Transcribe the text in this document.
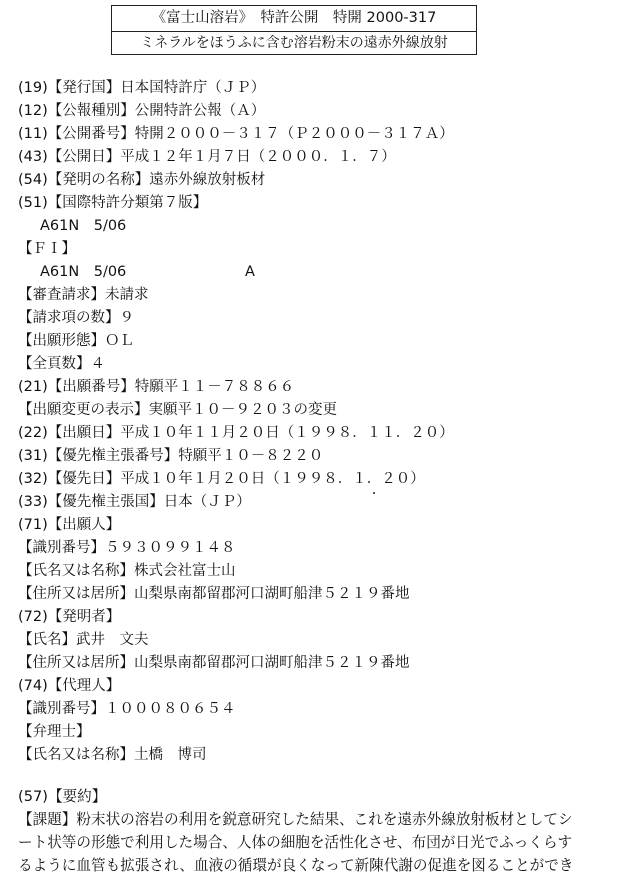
《富士山溶岩》　特許公開　特開 2000-317
ミネラルをほうふに含む溶岩粉末の遠赤外線放射
(19)【発行国】日本国特許庁（ＪＰ）
(12)【公報種別】公開特許公報（Ａ）
(11)【公開番号】特開２０００－３１７（Ｐ２０００－３１７Ａ）
(43)【公開日】平成１２年１月７日（２０００．１．７）
(54)【発明の名称】遠赤外線放射板材
(51)【国際特許分類第７版】
A61N　5/06
【ＦＩ】
A61N　5/06	A
【審査請求】未請求
【請求項の数】９
【出願形態】ＯＬ
【全頁数】４
(21)【出願番号】特願平１１－７８８６６
【出願変更の表示】実願平１０－９２０３の変更
(22)【出願日】平成１０年１１月２０日（１９９８．１１．２０）
(31)【優先権主張番号】特願平１０－８２２０
(32)【優先日】平成１０年１月２０日（１９９８．１．２０）
(33)【優先権主張国】日本（ＪＰ）
(71)【出願人】
【識別番号】５９３０９９１４８
【氏名又は名称】株式会社富士山
【住所又は居所】山梨県南都留郡河口湖町船津５２１９番地
(72)【発明者】
【氏名】武井　文夫
【住所又は居所】山梨県南都留郡河口湖町船津５２１９番地
(74)【代理人】
【識別番号】１０００８０６５４
【弁理士】
【氏名又は名称】土橋　博司
(57)【要約】
【課題】粉末状の溶岩の利用を鋭意研究した結果、これを遠赤外線放射板材としてシ
ート状等の形態で利用した場合、人体の細胞を活性化させ、布団が日光でふっくらす
るように血管も拡張され、血液の循環が良くなって新陳代謝の促進を図ることができ
